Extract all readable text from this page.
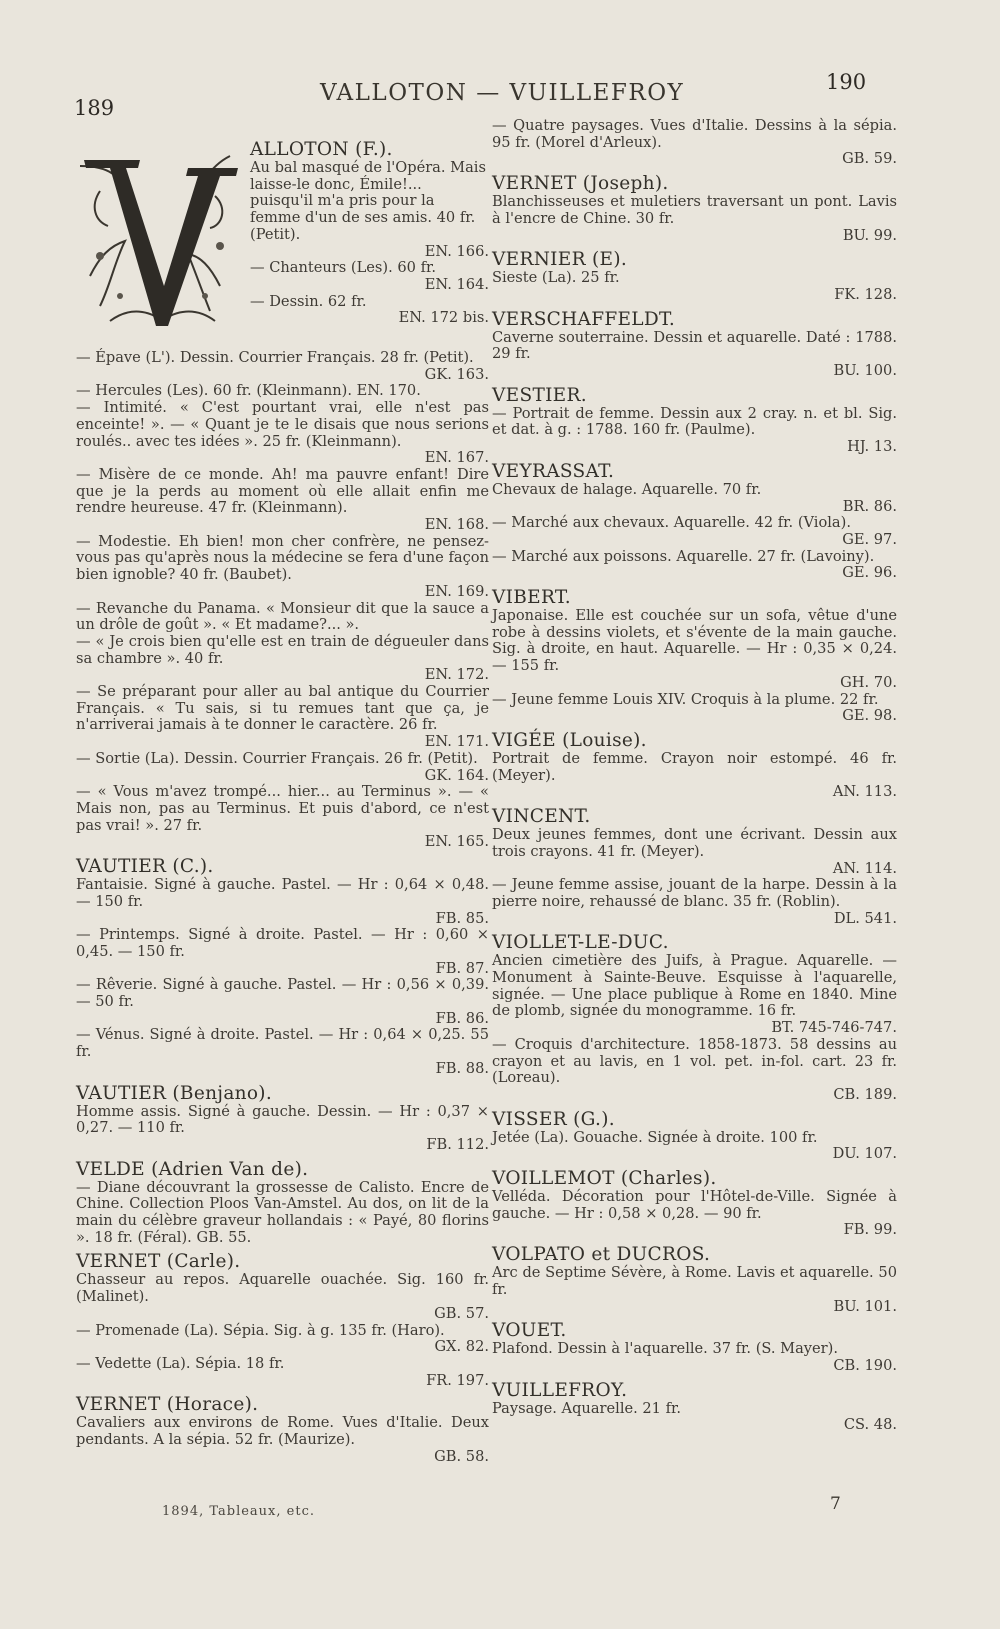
189
VALLOTON — VUILLEFROY	190

ALLOTON (F.).

Au bal masqué de l'Opéra. Mais laisse-le donc, Émile!... puisqu'il m'a pris pour la femme d'un de ses amis. 40 fr. (Petit).

EN. 166.

— Chanteurs (Les). 60 fr.

EN. 164.

— Dessin. 62 fr.

EN. 172 bis.

— Épave (L'). Dessin. Courrier Français. 28 fr. (Petit).

GK. 163.

— Hercules (Les). 60 fr. (Kleinmann). EN. 170.

— Intimité. « C'est pourtant vrai, elle n'est pas enceinte! ». — « Quant je te le disais que nous serions roulés.. avec tes idées ». 25 fr. (Kleinmann).

EN. 167.

— Misère de ce monde. Ah! ma pauvre enfant! Dire que je la perds au moment où elle allait enfin me rendre heureuse. 47 fr. (Kleinmann).

EN. 168.

— Modestie. Eh bien! mon cher confrère, ne pensez-vous pas qu'après nous la médecine se fera d'une façon bien ignoble? 40 fr. (Baubet).

EN. 169.

— Revanche du Panama. « Monsieur dit que la sauce a un drôle de goût ». « Et madame?... ».

— « Je crois bien qu'elle est en train de dégueuler dans sa chambre ». 40 fr.

EN. 172.

— Se préparant pour aller au bal antique du Courrier Français. « Tu sais, si tu remues tant que ça, je n'arriverai jamais à te donner le caractère. 26 fr.

EN. 171.

— Sortie (La). Dessin. Courrier Français. 26 fr. (Petit).

GK. 164.

— « Vous m'avez trompé... hier... au Terminus ». — « Mais non, pas au Terminus. Et puis d'abord, ce n'est pas vrai! ». 27 fr.

EN. 165.

VAUTIER (C.).

Fantaisie. Signé à gauche. Pastel. — Hr : 0,64 × 0,48. — 150 fr.

FB. 85.

— Printemps. Signé à droite. Pastel. — Hr : 0,60 × 0,45. — 150 fr.

FB. 87.

— Rêverie. Signé à gauche. Pastel. — Hr : 0,56 × 0,39. — 50 fr.

FB. 86.

— Vénus. Signé à droite. Pastel. — Hr : 0,64 × 0,25. 55 fr.

FB. 88.

VAUTIER (Benjano).

Homme assis. Signé à gauche. Dessin. — Hr : 0,37 × 0,27. — 110 fr.

FB. 112.

VELDE (Adrien Van de).

— Diane découvrant la grossesse de Calisto. Encre de Chine. Collection Ploos Van-Amstel. Au dos, on lit de la main du célèbre graveur hollandais : « Payé, 80 florins ». 18 fr. (Féral). GB. 55.

VERNET (Carle).

Chasseur au repos. Aquarelle ouachée. Sig. 160 fr. (Malinet).

GB. 57.

— Promenade (La). Sépia. Sig. à g. 135 fr. (Haro).

GX. 82.

— Vedette (La). Sépia. 18 fr.

FR. 197.

VERNET (Horace).

Cavaliers aux environs de Rome. Vues d'Italie. Deux pendants. A la sépia. 52 fr. (Maurize).

GB. 58.

— Quatre paysages. Vues d'Italie. Dessins à la sépia. 95 fr. (Morel d'Arleux).

GB. 59.

VERNET (Joseph).

Blanchisseuses et muletiers traversant un pont. Lavis à l'encre de Chine. 30 fr.

BU. 99.

VERNIER (E).

Sieste (La). 25 fr.

FK. 128.

VERSCHAFFELDT.

Caverne souterraine. Dessin et aquarelle. Daté : 1788. 29 fr.

BU. 100.

VESTIER.

— Portrait de femme. Dessin aux 2 cray. n. et bl. Sig. et dat. à g. : 1788. 160 fr. (Paulme).

HJ. 13.

VEYRASSAT.

Chevaux de halage. Aquarelle. 70 fr.

BR. 86.

— Marché aux chevaux. Aquarelle. 42 fr. (Viola).

GE. 97.

— Marché aux poissons. Aquarelle. 27 fr. (Lavoiny).

GE. 96.

VIBERT.

Japonaise. Elle est couchée sur un sofa, vêtue d'une robe à dessins violets, et s'évente de la main gauche. Sig. à droite, en haut. Aquarelle. — Hr : 0,35 × 0,24. — 155 fr.

GH. 70.

— Jeune femme Louis XIV. Croquis à la plume. 22 fr.

GE. 98.

VIGÉE (Louise).

Portrait de femme. Crayon noir estompé. 46 fr. (Meyer).

AN. 113.

VINCENT.

Deux jeunes femmes, dont une écrivant. Dessin aux trois crayons. 41 fr. (Meyer).

AN. 114.

— Jeune femme assise, jouant de la harpe. Dessin à la pierre noire, rehaussé de blanc. 35 fr. (Roblin).

DL. 541.

VIOLLET-LE-DUC.

Ancien cimetière des Juifs, à Prague. Aquarelle. — Monument à Sainte-Beuve. Esquisse à l'aquarelle, signée. — Une place publique à Rome en 1840. Mine de plomb, signée du monogramme. 16 fr.

BT. 745-746-747.

— Croquis d'architecture. 1858-1873. 58 dessins au crayon et au lavis, en 1 vol. pet. in-fol. cart. 23 fr. (Loreau).

CB. 189.

VISSER (G.).

Jetée (La). Gouache. Signée à droite. 100 fr.

DU. 107.

VOILLEMOT (Charles).

Velléda. Décoration pour l'Hôtel-de-Ville. Signée à gauche. — Hr : 0,58 × 0,28. — 90 fr.

FB. 99.

VOLPATO et DUCROS.

Arc de Septime Sévère, à Rome. Lavis et aquarelle. 50 fr.

BU. 101.

VOUET.

Plafond. Dessin à l'aquarelle. 37 fr. (S. Mayer).

CB. 190.

VUILLEFROY.

Paysage. Aquarelle. 21 fr.

CS. 48.

1894, Tableaux, etc.	7
